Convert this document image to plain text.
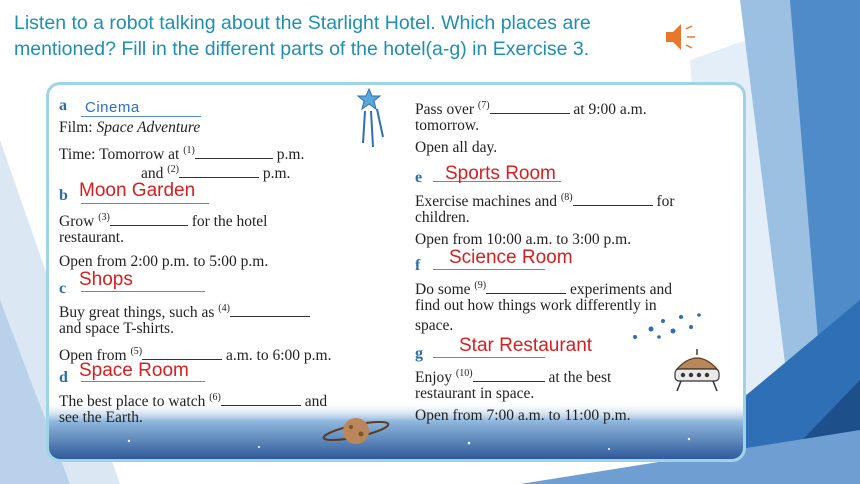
Listen to a robot talking about the Starlight Hotel. Which places are
mentioned? Fill in the different parts of the hotel(a-g) in Exercise 3.
a
Film: Space Adventure
Time: Tomorrow at $^{(1)}$	p.m.
and $^{(2)}$	p.m.
b
Grow $^{(3)}$	for the hotel
restaurant.
Open from 2:00 p.m. to 5:00 p.m.
c
Buy great things, such as $^{(4)}$
and space T-shirts.
Open from $^{(5)}$	a.m. to 6:00 p.m.
d
The best place to watch $^{(6)}$	and
see the Earth.
Cinema
Moon Garden
Shops
Space Room
Pass over $^{(7)}$	at 9:00 a.m.
tomorrow.
Open all day.
e
Exercise machines and $^{(8)}$	for
children.
Open from 10:00 a.m. to 3:00 p.m.
f
Do some $^{(9)}$	experiments and
find out how things work differently in
space.
g
Enjoy $^{(10)}$	at the best
restaurant in space.
Open from 7:00 a.m. to 11:00 p.m.
Sports Room
Science Room
Star Restaurant
